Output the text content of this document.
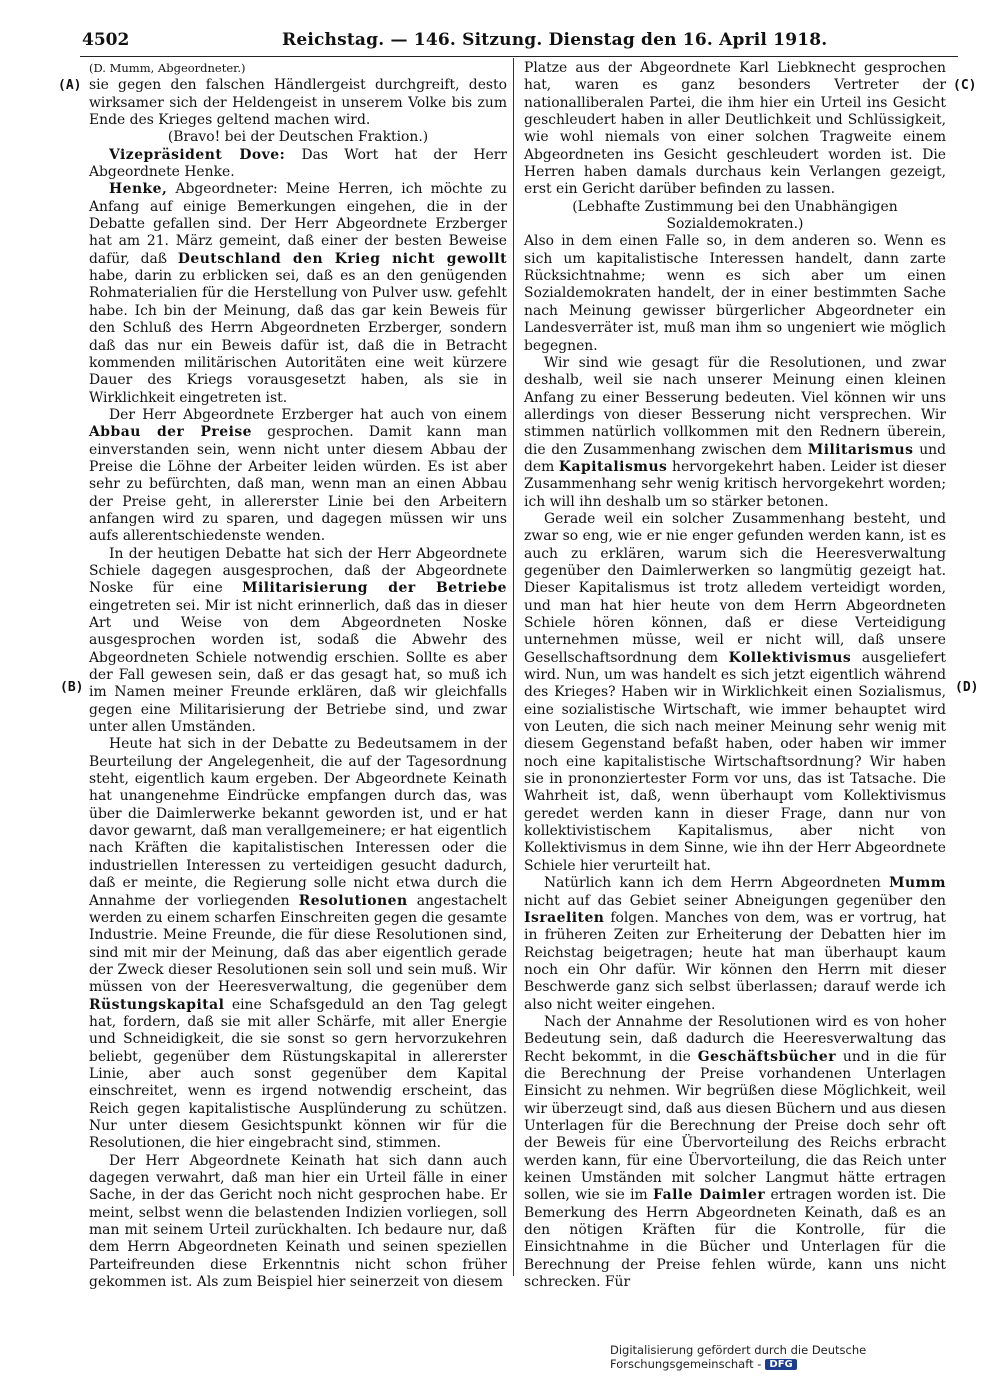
4502	Reichstag. — 146. Sitzung. Dienstag den 16. April 1918.
(A)
(B)
(C)
(D)

(D. Mumm, Abgeordneter.)

sie gegen den falschen Händlergeist durchgreift, desto wirksamer sich der Heldengeist in unserem Volke bis zum Ende des Krieges geltend machen wird.

(Bravo! bei der Deutschen Fraktion.)

Vizepräsident Dove: Das Wort hat der Herr Abgeordnete Henke.

Henke, Abgeordneter: Meine Herren, ich möchte zu Anfang auf einige Bemerkungen eingehen, die in der Debatte gefallen sind. Der Herr Abgeordnete Erzberger hat am 21. März gemeint, daß einer der besten Beweise dafür, daß Deutschland den Krieg nicht gewollt habe, darin zu erblicken sei, daß es an den genügenden Rohmaterialien für die Herstellung von Pulver usw. gefehlt habe. Ich bin der Meinung, daß das gar kein Beweis für den Schluß des Herrn Abgeordneten Erzberger, sondern daß das nur ein Beweis dafür ist, daß die in Betracht kommenden militärischen Autoritäten eine weit kürzere Dauer des Kriegs vorausgesetzt haben, als sie in Wirklichkeit eingetreten ist.

Der Herr Abgeordnete Erzberger hat auch von einem Abbau der Preise gesprochen. Damit kann man einverstanden sein, wenn nicht unter diesem Abbau der Preise die Löhne der Arbeiter leiden würden. Es ist aber sehr zu befürchten, daß man, wenn man an einen Abbau der Preise geht, in allererster Linie bei den Arbeitern anfangen wird zu sparen, und dagegen müssen wir uns aufs allerentschiedenste wenden.

In der heutigen Debatte hat sich der Herr Abgeordnete Schiele dagegen ausgesprochen, daß der Abgeordnete Noske für eine Militarisierung der Betriebe eingetreten sei. Mir ist nicht erinnerlich, daß das in dieser Art und Weise von dem Abgeordneten Noske ausgesprochen worden ist, sodaß die Abwehr des Abgeordneten Schiele notwendig erschien. Sollte es aber der Fall gewesen sein, daß er das gesagt hat, so muß ich im Namen meiner Freunde erklären, daß wir gleichfalls gegen eine Militarisierung der Betriebe sind, und zwar unter allen Umständen.

Heute hat sich in der Debatte zu Bedeutsamem in der Beurteilung der Angelegenheit, die auf der Tagesordnung steht, eigentlich kaum ergeben. Der Abgeordnete Keinath hat unangenehme Eindrücke empfangen durch das, was über die Daimlerwerke bekannt geworden ist, und er hat davor gewarnt, daß man verallgemeinere; er hat eigentlich nach Kräften die kapitalistischen Interessen oder die industriellen Interessen zu verteidigen gesucht dadurch, daß er meinte, die Regierung solle nicht etwa durch die Annahme der vorliegenden Resolutionen angestachelt werden zu einem scharfen Einschreiten gegen die gesamte Industrie. Meine Freunde, die für diese Resolutionen sind, sind mit mir der Meinung, daß das aber eigentlich gerade der Zweck dieser Resolutionen sein soll und sein muß. Wir müssen von der Heeresverwaltung, die gegenüber dem Rüstungskapital eine Schafsgeduld an den Tag gelegt hat, fordern, daß sie mit aller Schärfe, mit aller Energie und Schneidigkeit, die sie sonst so gern hervorzukehren beliebt, gegenüber dem Rüstungskapital in allererster Linie, aber auch sonst gegenüber dem Kapital einschreitet, wenn es irgend notwendig erscheint, das Reich gegen kapitalistische Ausplünderung zu schützen. Nur unter diesem Gesichtspunkt können wir für die Resolutionen, die hier eingebracht sind, stimmen.

Der Herr Abgeordnete Keinath hat sich dann auch dagegen verwahrt, daß man hier ein Urteil fälle in einer Sache, in der das Gericht noch nicht gesprochen habe. Er meint, selbst wenn die belastenden Indizien vorliegen, soll man mit seinem Urteil zurückhalten. Ich bedaure nur, daß dem Herrn Abgeordneten Keinath und seinen speziellen Parteifreunden diese Erkenntnis nicht schon früher gekommen ist. Als zum Beispiel hier seinerzeit von diesem

Platze aus der Abgeordnete Karl Liebknecht gesprochen hat, waren es ganz besonders Vertreter der nationalliberalen Partei, die ihm hier ein Urteil ins Gesicht geschleudert haben in aller Deutlichkeit und Schlüssigkeit, wie wohl niemals von einer solchen Tragweite einem Abgeordneten ins Gesicht geschleudert worden ist. Die Herren haben damals durchaus kein Verlangen gezeigt, erst ein Gericht darüber befinden zu lassen.

(Lebhafte Zustimmung bei den Unabhängigen Sozialdemokraten.)

Also in dem einen Falle so, in dem anderen so. Wenn es sich um kapitalistische Interessen handelt, dann zarte Rücksichtnahme; wenn es sich aber um einen Sozialdemokraten handelt, der in einer bestimmten Sache nach Meinung gewisser bürgerlicher Abgeordneter ein Landesverräter ist, muß man ihm so ungeniert wie möglich begegnen.

Wir sind wie gesagt für die Resolutionen, und zwar deshalb, weil sie nach unserer Meinung einen kleinen Anfang zu einer Besserung bedeuten. Viel können wir uns allerdings von dieser Besserung nicht versprechen. Wir stimmen natürlich vollkommen mit den Rednern überein, die den Zusammenhang zwischen dem Militarismus und dem Kapitalismus hervorgekehrt haben. Leider ist dieser Zusammenhang sehr wenig kritisch hervorgekehrt worden; ich will ihn deshalb um so stärker betonen.

Gerade weil ein solcher Zusammenhang besteht, und zwar so eng, wie er nie enger gefunden werden kann, ist es auch zu erklären, warum sich die Heeresverwaltung gegenüber den Daimlerwerken so langmütig gezeigt hat. Dieser Kapitalismus ist trotz alledem verteidigt worden, und man hat hier heute von dem Herrn Abgeordneten Schiele hören können, daß er diese Verteidigung unternehmen müsse, weil er nicht will, daß unsere Gesellschaftsordnung dem Kollektivismus ausgeliefert wird. Nun, um was handelt es sich jetzt eigentlich während des Krieges? Haben wir in Wirklichkeit einen Sozialismus, eine sozialistische Wirtschaft, wie immer behauptet wird von Leuten, die sich nach meiner Meinung sehr wenig mit diesem Gegenstand befaßt haben, oder haben wir immer noch eine kapitalistische Wirtschaftsordnung? Wir haben sie in prononziertester Form vor uns, das ist Tatsache. Die Wahrheit ist, daß, wenn überhaupt vom Kollektivismus geredet werden kann in dieser Frage, dann nur von kollektivistischem Kapitalismus, aber nicht von Kollektivismus in dem Sinne, wie ihn der Herr Abgeordnete Schiele hier verurteilt hat.

Natürlich kann ich dem Herrn Abgeordneten Mumm nicht auf das Gebiet seiner Abneigungen gegenüber den Israeliten folgen. Manches von dem, was er vortrug, hat in früheren Zeiten zur Erheiterung der Debatten hier im Reichstag beigetragen; heute hat man überhaupt kaum noch ein Ohr dafür. Wir können den Herrn mit dieser Beschwerde ganz sich selbst überlassen; darauf werde ich also nicht weiter eingehen.

Nach der Annahme der Resolutionen wird es von hoher Bedeutung sein, daß dadurch die Heeresverwaltung das Recht bekommt, in die Geschäftsbücher und in die für die Berechnung der Preise vorhandenen Unterlagen Einsicht zu nehmen. Wir begrüßen diese Möglichkeit, weil wir überzeugt sind, daß aus diesen Büchern und aus diesen Unterlagen für die Berechnung der Preise doch sehr oft der Beweis für eine Übervorteilung des Reichs erbracht werden kann, für eine Übervorteilung, die das Reich unter keinen Umständen mit solcher Langmut hätte ertragen sollen, wie sie im Falle Daimler ertragen worden ist. Die Bemerkung des Herrn Abgeordneten Keinath, daß es an den nötigen Kräften für die Kontrolle, für die Einsichtnahme in die Bücher und Unterlagen für die Berechnung der Preise fehlen würde, kann uns nicht schrecken. Für

Digitalisierung gefördert durch die Deutsche Forschungsgemeinschaft - DFG
